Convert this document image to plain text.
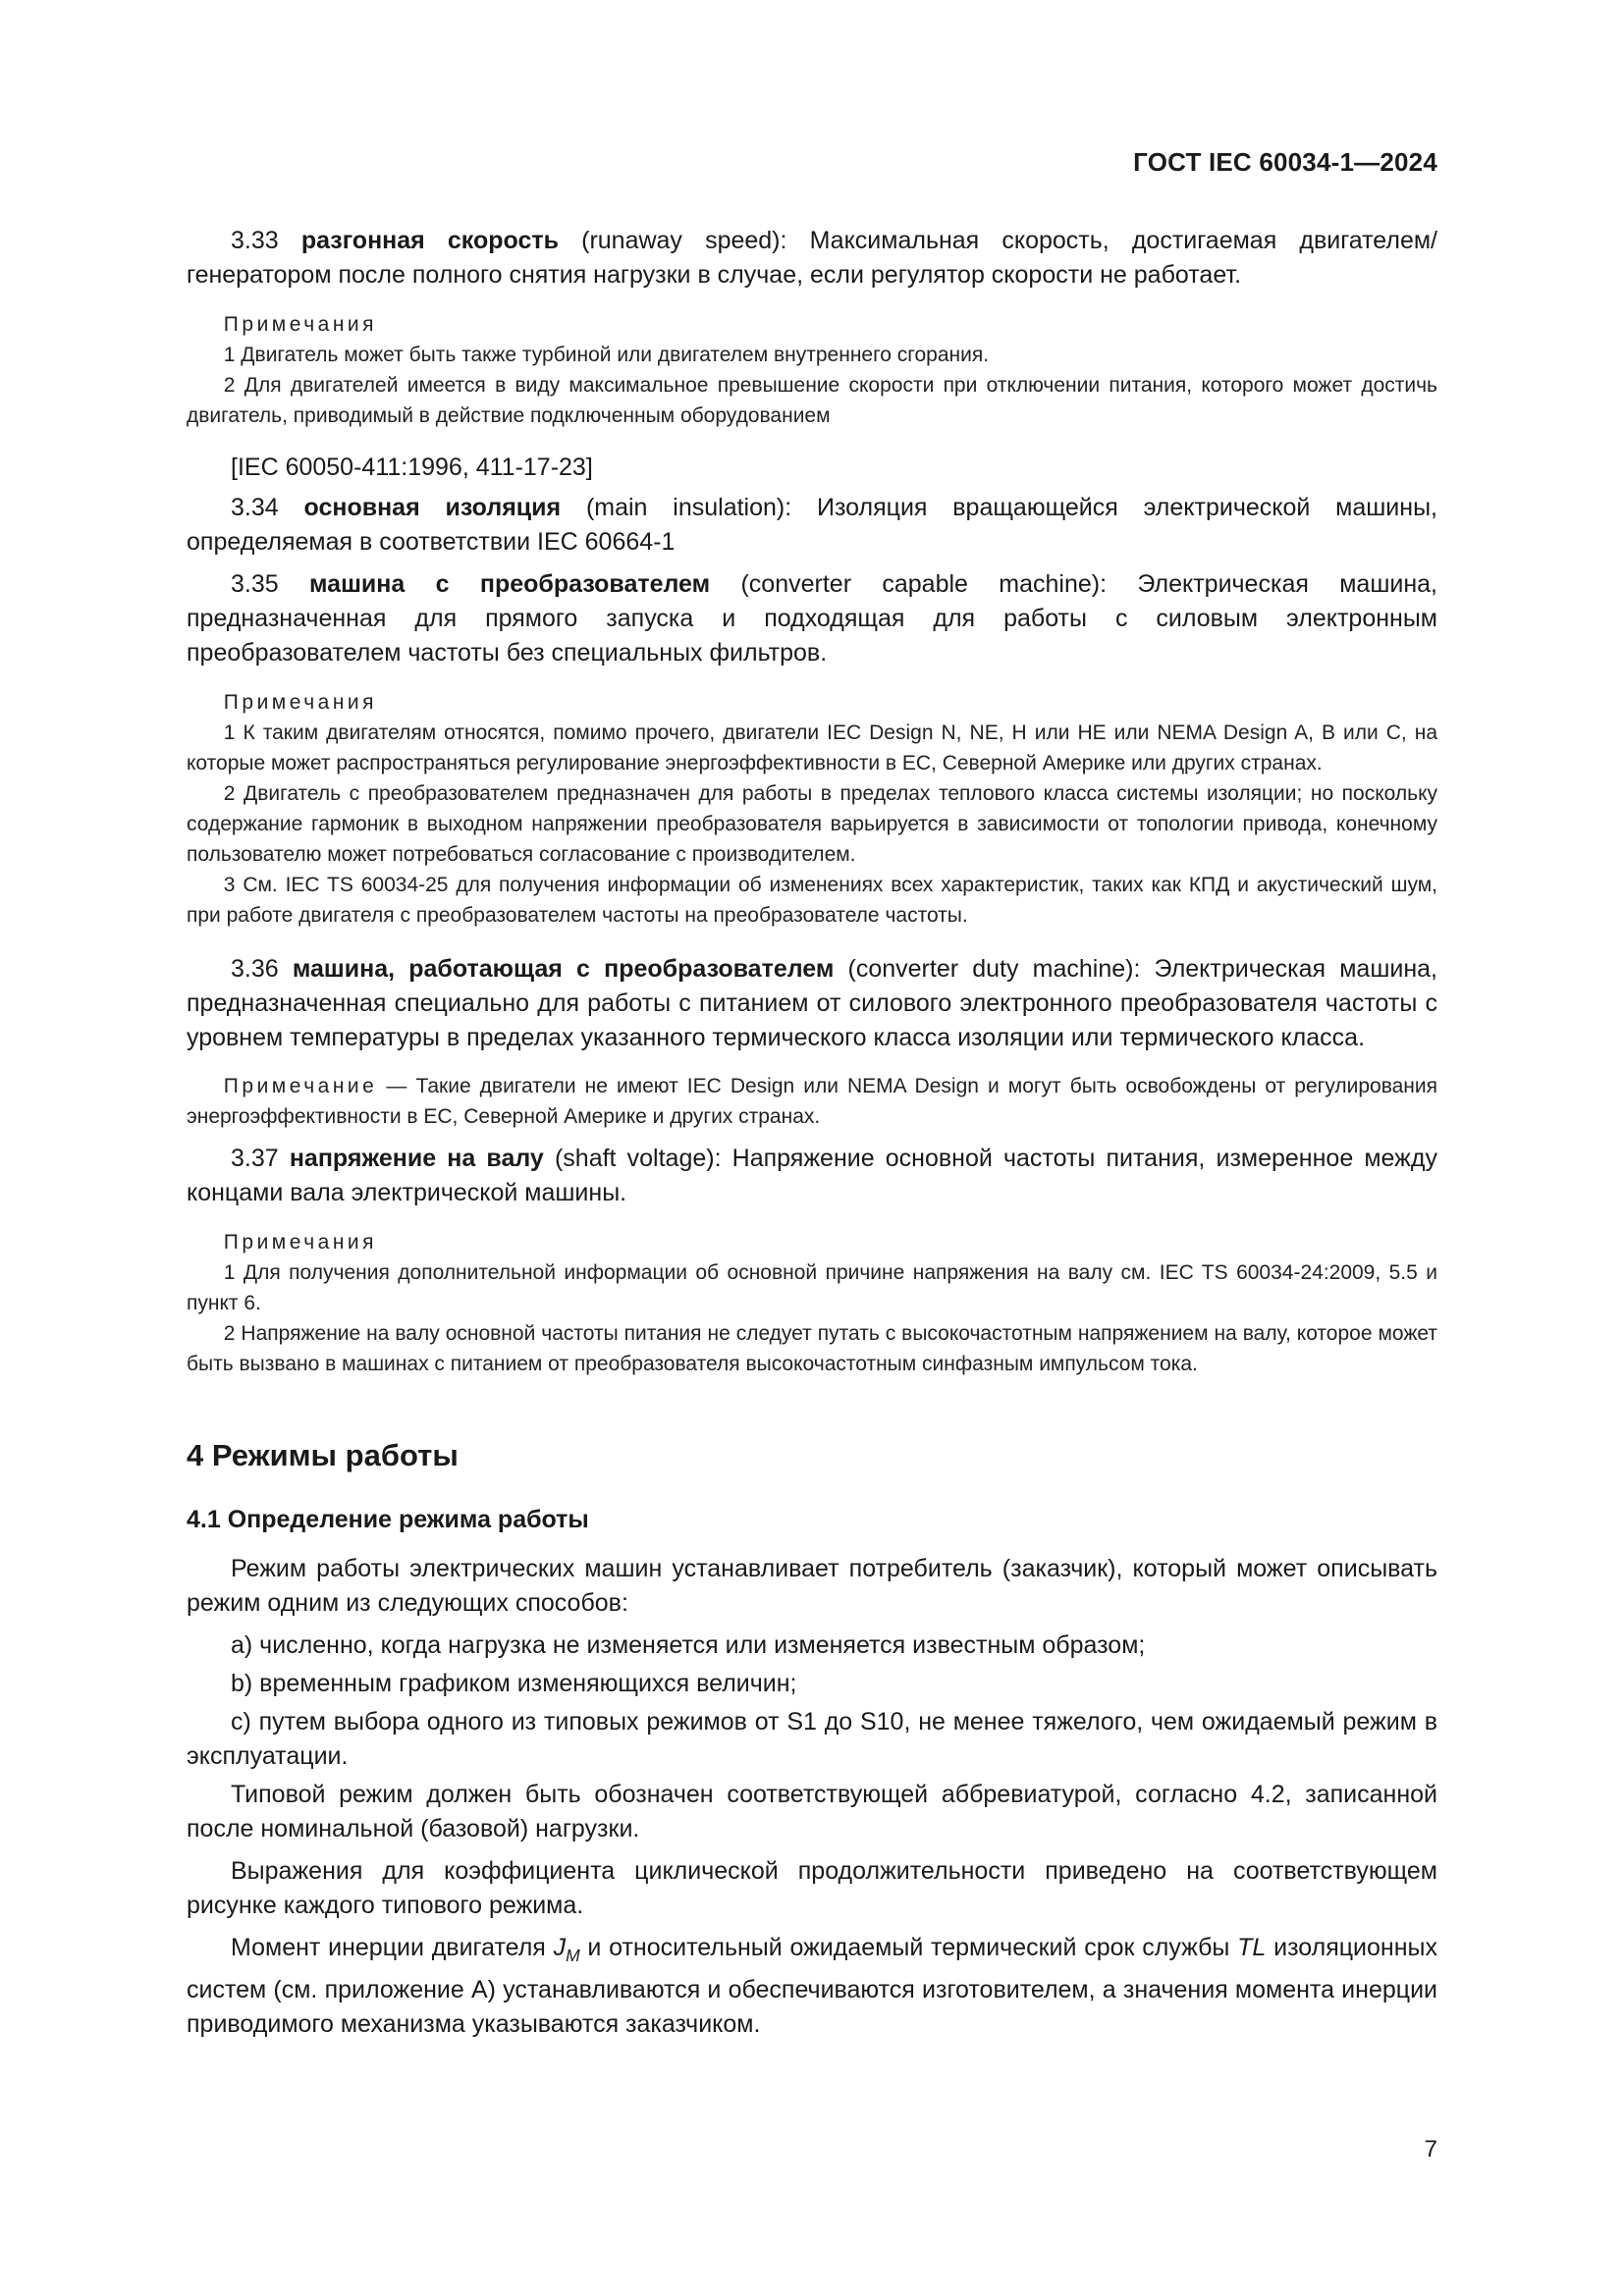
ГОСТ IEC 60034-1—2024

3.33 разгонная скорость (runaway speed): Максимальная скорость, достигаемая двигателем/генератором после полного снятия нагрузки в случае, если регулятор скорости не работает.

Примечания

1 Двигатель может быть также турбиной или двигателем внутреннего сгорания.

2 Для двигателей имеется в виду максимальное превышение скорости при отключении питания, которого может достичь двигатель, приводимый в действие подключенным оборудованием

[IEC 60050-411:1996, 411-17-23]

3.34 основная изоляция (main insulation): Изоляция вращающейся электрической машины, определяемая в соответствии IEC 60664-1

3.35 машина с преобразователем (converter capable machine): Электрическая машина, предназначенная для прямого запуска и подходящая для работы с силовым электронным преобразователем частоты без специальных фильтров.

Примечания

1 К таким двигателям относятся, помимо прочего, двигатели IEC Design N, NE, H или HE или NEMA Design A, B или C, на которые может распространяться регулирование энергоэффективности в ЕС, Северной Америке или других странах.

2 Двигатель с преобразователем предназначен для работы в пределах теплового класса системы изоляции; но поскольку содержание гармоник в выходном напряжении преобразователя варьируется в зависимости от топологии привода, конечному пользователю может потребоваться согласование с производителем.

3 См. IEC TS 60034-25 для получения информации об изменениях всех характеристик, таких как КПД и акустический шум, при работе двигателя с преобразователем частоты на преобразователе частоты.

3.36 машина, работающая с преобразователем (converter duty machine): Электрическая машина, предназначенная специально для работы с питанием от силового электронного преобразователя частоты с уровнем температуры в пределах указанного термического класса изоляции или термического класса.

Примечание — Такие двигатели не имеют IEC Design или NEMA Design и могут быть освобождены от регулирования энергоэффективности в ЕС, Северной Америке и других странах.

3.37 напряжение на валу (shaft voltage): Напряжение основной частоты питания, измеренное между концами вала электрической машины.

Примечания

1 Для получения дополнительной информации об основной причине напряжения на валу см. IEC TS 60034-24:2009, 5.5 и пункт 6.

2 Напряжение на валу основной частоты питания не следует путать с высокочастотным напряжением на валу, которое может быть вызвано в машинах с питанием от преобразователя высокочастотным синфазным импульсом тока.

4 Режимы работы
4.1 Определение режима работы

Режим работы электрических машин устанавливает потребитель (заказчик), который может описывать режим одним из следующих способов:

a) численно, когда нагрузка не изменяется или изменяется известным образом;

b) временным графиком изменяющихся величин;

c) путем выбора одного из типовых режимов от S1 до S10, не менее тяжелого, чем ожидаемый режим в эксплуатации.

Типовой режим должен быть обозначен соответствующей аббревиатурой, согласно 4.2, записанной после номинальной (базовой) нагрузки.

Выражения для коэффициента циклической продолжительности приведено на соответствующем рисунке каждого типового режима.

Момент инерции двигателя $J_M$ и относительный ожидаемый термический срок службы TL изоляционных систем (см. приложение А) устанавливаются и обеспечиваются изготовителем, а значения момента инерции приводимого механизма указываются заказчиком.

7
